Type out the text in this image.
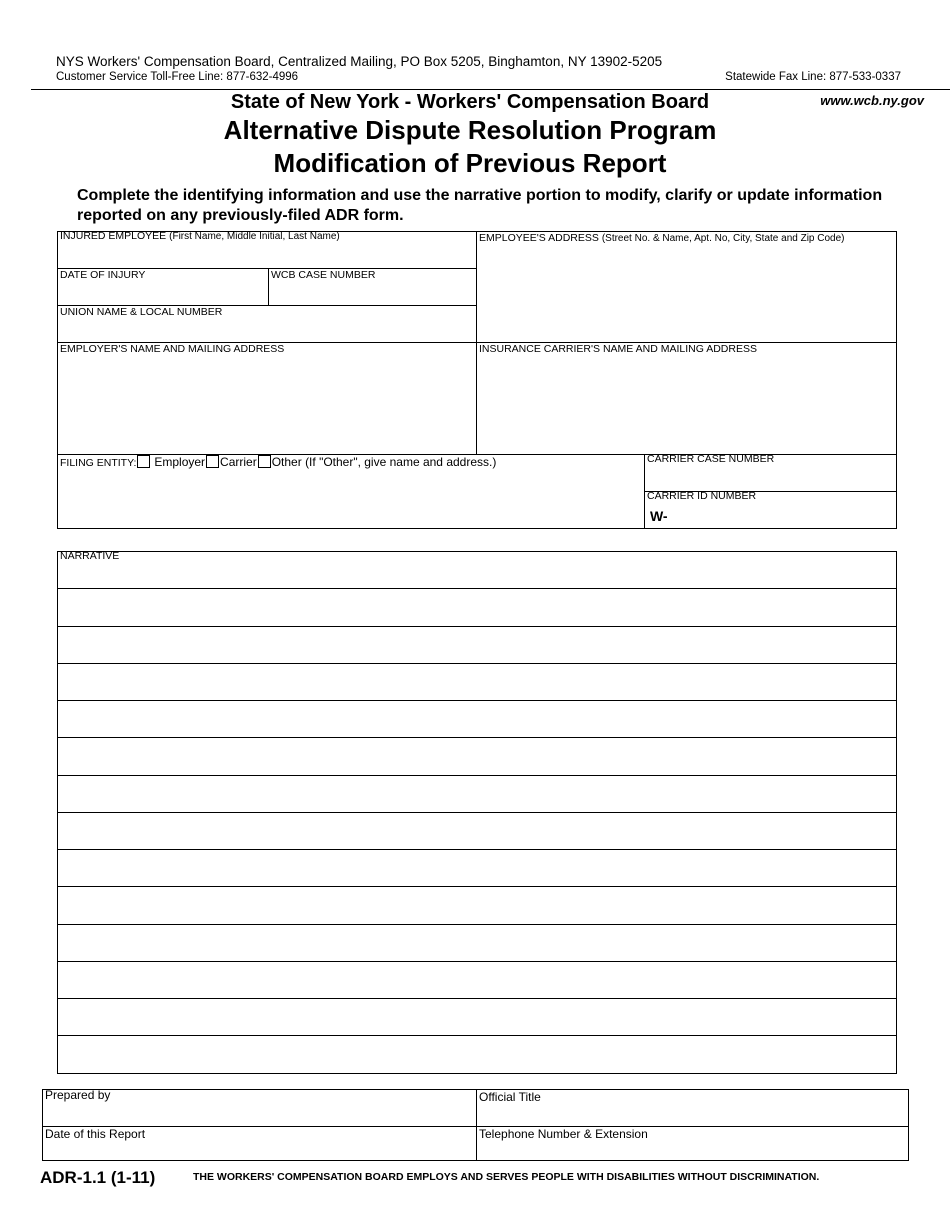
NYS Workers' Compensation Board, Centralized Mailing, PO Box 5205, Binghamton, NY 13902-5205
Customer Service Toll-Free Line: 877-632-4996	Statewide Fax Line: 877-533-0337
www.wcb.ny.gov
State of New York - Workers' Compensation Board
Alternative Dispute Resolution Program
Modification of Previous Report
Complete the identifying information and use the narrative portion to modify, clarify or update information reported on any previously-filed ADR form.
INJURED EMPLOYEE (First Name, Middle Initial, Last Name)	EMPLOYEE'S ADDRESS (Street No. & Name, Apt. No, City, State and Zip Code)
DATE OF INJURY	WCB CASE NUMBER
UNION NAME & LOCAL NUMBER
EMPLOYER'S NAME AND MAILING ADDRESS	INSURANCE CARRIER'S NAME AND MAILING ADDRESS
FILING ENTITY: Employer Carrier Other (If "Other", give name and address.)	CARRIER CASE NUMBER
CARRIER ID NUMBER
W-
NARRATIVE
Prepared by	Official Title
Date of this Report	Telephone Number & Extension
ADR-1.1 (1-11)	THE WORKERS' COMPENSATION BOARD EMPLOYS AND SERVES PEOPLE WITH DISABILITIES WITHOUT DISCRIMINATION.
